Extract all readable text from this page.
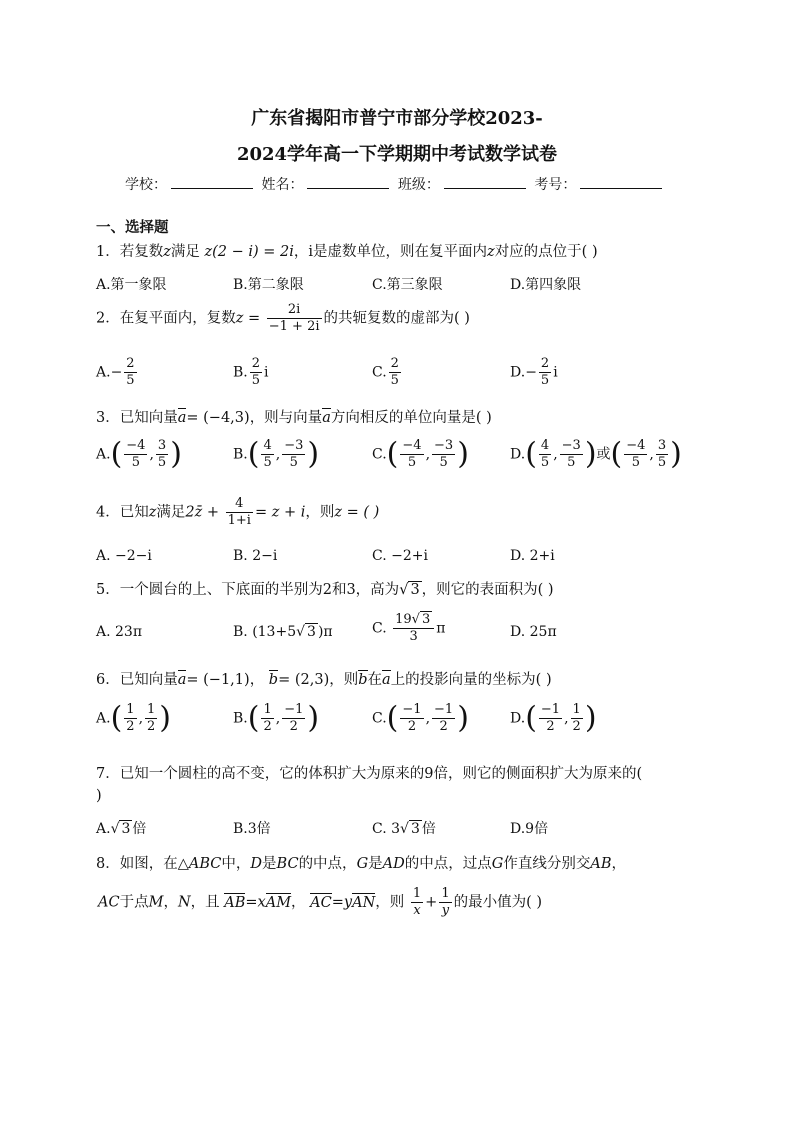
广东省揭阳市普宁市部分学校2023-
2024学年高一下学期期中考试数学试卷
学校：	姓名：	班级：	考号：
一、选择题
1．若复数z满足 z(2 − i) = 2i，i是虚数单位，则在复平面内z对应的点位于( )
A.第一象限	B.第二象限	C.第三象限	D.第四象限
2．在复平面内，复数$z = \frac{2i}{-1 + 2i}$ 的共轭复数的虚部为( )
$A.- \frac{2}{5}$	B. $\frac{2}{5}$ i	C. $\frac{2}{5}$	$D.- \frac{2}{5}$ i
3．已知向量a= (−4,3)，则与向量a方向相反的单位向量是( )
$A.( \frac{-4}{5}$ , $\frac{3}{5}$ )	$B.( \frac{4}{5}$ , $\frac{-3}{5}$ )	$C.( \frac{-4}{5}$ , $\frac{-3}{5}$ )	$D.( \frac{4}{5}$ , $\frac{-3}{5}$ )或( $\frac{-4}{5}$ , $\frac{3}{5}$ )
4．已知z满足2z̄ + $\frac{4}{1+i} = z + i$，则z = ( )
A. −2−i	B. 2−i	C. −2+i	D. 2+i
5．一个圆台的上、下底面的半别为2和3，高为√ 3 ，则它的表面积为( )
A. 23π	B. (13+5√ 3 )π	C. $\frac{19√ 3}{3}$ π	D. 25π
6．已知向量a= (−1,1)， b= (2,3)，则b在a上的投影向量的坐标为( )
$A.( \frac{1}{2}$ , $\frac{1}{2}$ )	$B.( \frac{1}{2}$ , $\frac{-1}{2}$ )	$C.( \frac{-1}{2}$ , $\frac{-1}{2}$ )	$D.( \frac{-1}{2}$ , $\frac{1}{2}$ )
7．已知一个圆柱的高不变，它的体积扩大为原来的9倍，则它的侧面积扩大为原来的(
)
A.√ 3 倍	B.3倍	C. 3√ 3 倍	D.9倍
8．如图，在△ABC中，D是BC的中点，G是AD的中点，过点G作直线分别交AB，
AC于点M，N，且 AB=xAM， AC=yAN，则 $\frac{1}{x} + \frac{1}{y}$ 的最小值为( )
